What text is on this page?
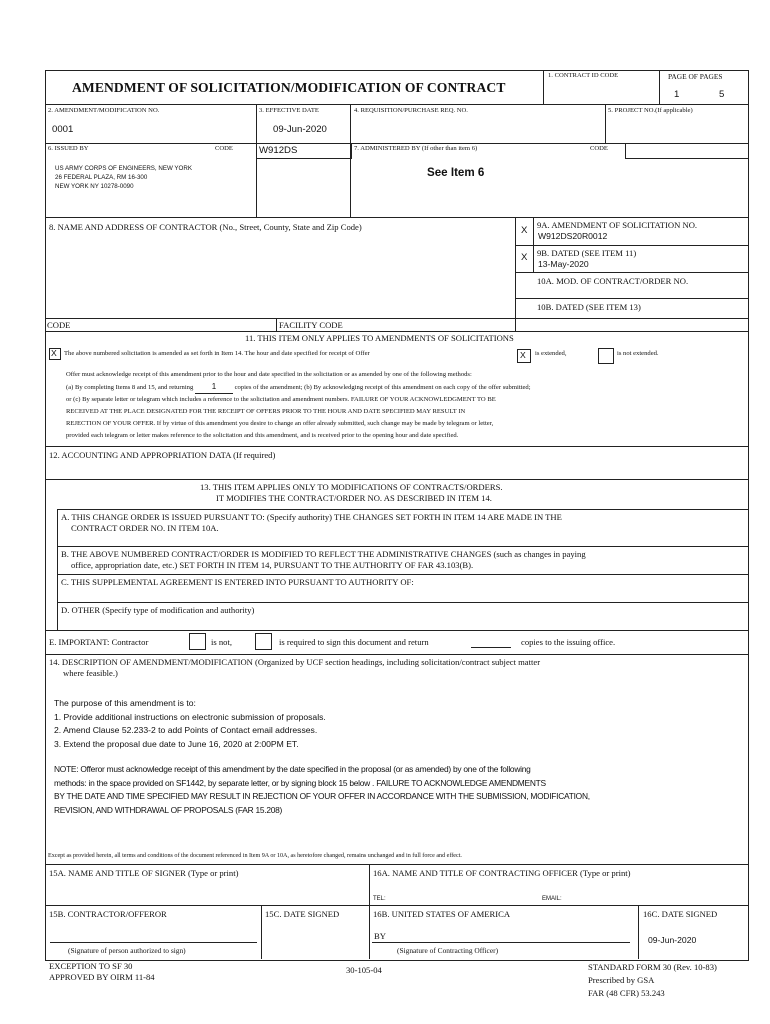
AMENDMENT OF SOLICITATION/MODIFICATION OF CONTRACT
1. CONTRACT ID CODE	PAGE OF PAGES
1	5
2. AMENDMENT/MODIFICATION NO.
0001
3. EFFECTIVE DATE
09-Jun-2020
4. REQUISITION/PURCHASE REQ. NO.	5. PROJECT NO.(If applicable)
6. ISSUED BY	CODE	W912DS	7. ADMINISTERED BY (If other than item 6)	CODE
US ARMY CORPS OF ENGINEERS, NEW YORK
26 FEDERAL PLAZA, RM 16-300
NEW YORK NY 10278-0090
See Item 6
8. NAME AND ADDRESS OF CONTRACTOR (No., Street, County, State and Zip Code)
CODE	FACILITY CODE
X 9A. AMENDMENT OF SOLICITATION NO.
W912DS20R0012
X 9B. DATED (SEE ITEM 11)
13-May-2020
10A. MOD. OF CONTRACT/ORDER NO.
10B. DATED (SEE ITEM 13)
11. THIS ITEM ONLY APPLIES TO AMENDMENTS OF SOLICITATIONS
X The above numbered solicitation is amended as set forth in Item 14. The hour and date specified for receipt of Offer	X is extended,	is not extended.
Offer must acknowledge receipt of this amendment prior to the hour and date specified in the solicitation or as amended by one of the following methods:
(a) By completing Items 8 and 15, and returning 1	copies of the amendment; (b) By acknowledging receipt of this amendment on each copy of the offer submitted;
or (c) By separate letter or telegram which includes a reference to the solicitation and amendment numbers. FAILURE OF YOUR ACKNOWLEDGMENT TO BE
RECEIVED AT THE PLACE DESIGNATED FOR THE RECEIPT OF OFFERS PRIOR TO THE HOUR AND DATE SPECIFIED MAY RESULT IN
REJECTION OF YOUR OFFER. If by virtue of this amendment you desire to change an offer already submitted, such change may be made by telegram or letter,
provided each telegram or letter makes reference to the solicitation and this amendment, and is received prior to the opening hour and date specified.
12. ACCOUNTING AND APPROPRIATION DATA (If required)
13. THIS ITEM APPLIES ONLY TO MODIFICATIONS OF CONTRACTS/ORDERS.
IT MODIFIES THE CONTRACT/ORDER NO. AS DESCRIBED IN ITEM 14.
A. THIS CHANGE ORDER IS ISSUED PURSUANT TO: (Specify authority) THE CHANGES SET FORTH IN ITEM 14 ARE MADE IN THE
CONTRACT ORDER NO. IN ITEM 10A.
B. THE ABOVE NUMBERED CONTRACT/ORDER IS MODIFIED TO REFLECT THE ADMINISTRATIVE CHANGES (such as changes in paying
office, appropriation date, etc.) SET FORTH IN ITEM 14, PURSUANT TO THE AUTHORITY OF FAR 43.103(B).
C. THIS SUPPLEMENTAL AGREEMENT IS ENTERED INTO PURSUANT TO AUTHORITY OF:
D. OTHER (Specify type of modification and authority)
E. IMPORTANT: Contractor	is not,	is required to sign this document and return	copies to the issuing office.
14. DESCRIPTION OF AMENDMENT/MODIFICATION (Organized by UCF section headings, including solicitation/contract subject matter
where feasible.)
The purpose of this amendment is to:
1. Provide additional instructions on electronic submission of proposals.
2. Amend Clause 52.233-2 to add Points of Contact email addresses.
3. Extend the proposal due date to June 16, 2020 at 2:00PM ET.
NOTE: Offeror must acknowledge receipt of this amendment by the date specified in the proposal (or as amended) by one of the following
methods: in the space provided on SF1442, by separate letter, or by signing block 15 below . FAILURE TO ACKNOWLEDGE AMENDMENTS
BY THE DATE AND TIME SPECIFIED MAY RESULT IN REJECTION OF YOUR OFFER IN ACCORDANCE WITH THE SUBMISSION, MODIFICATION,
REVISION, AND WITHDRAWAL OF PROPOSALS (FAR 15.208)
Except as provided herein, all terms and conditions of the document referenced in Item 9A or 10A, as heretofore changed, remains unchanged and in full force and effect.
15A. NAME AND TITLE OF SIGNER (Type or print)	16A. NAME AND TITLE OF CONTRACTING OFFICER (Type or print)
TEL:	EMAIL:
15B. CONTRACTOR/OFFEROR
(Signature of person authorized to sign)
15C. DATE SIGNED	16B. UNITED STATES OF AMERICA
BY
(Signature of Contracting Officer)
16C. DATE SIGNED
09-Jun-2020
EXCEPTION TO SF 30
APPROVED BY OIRM 11-84
30-105-04	STANDARD FORM 30 (Rev. 10-83)
Prescribed by GSA
FAR (48 CFR) 53.243
